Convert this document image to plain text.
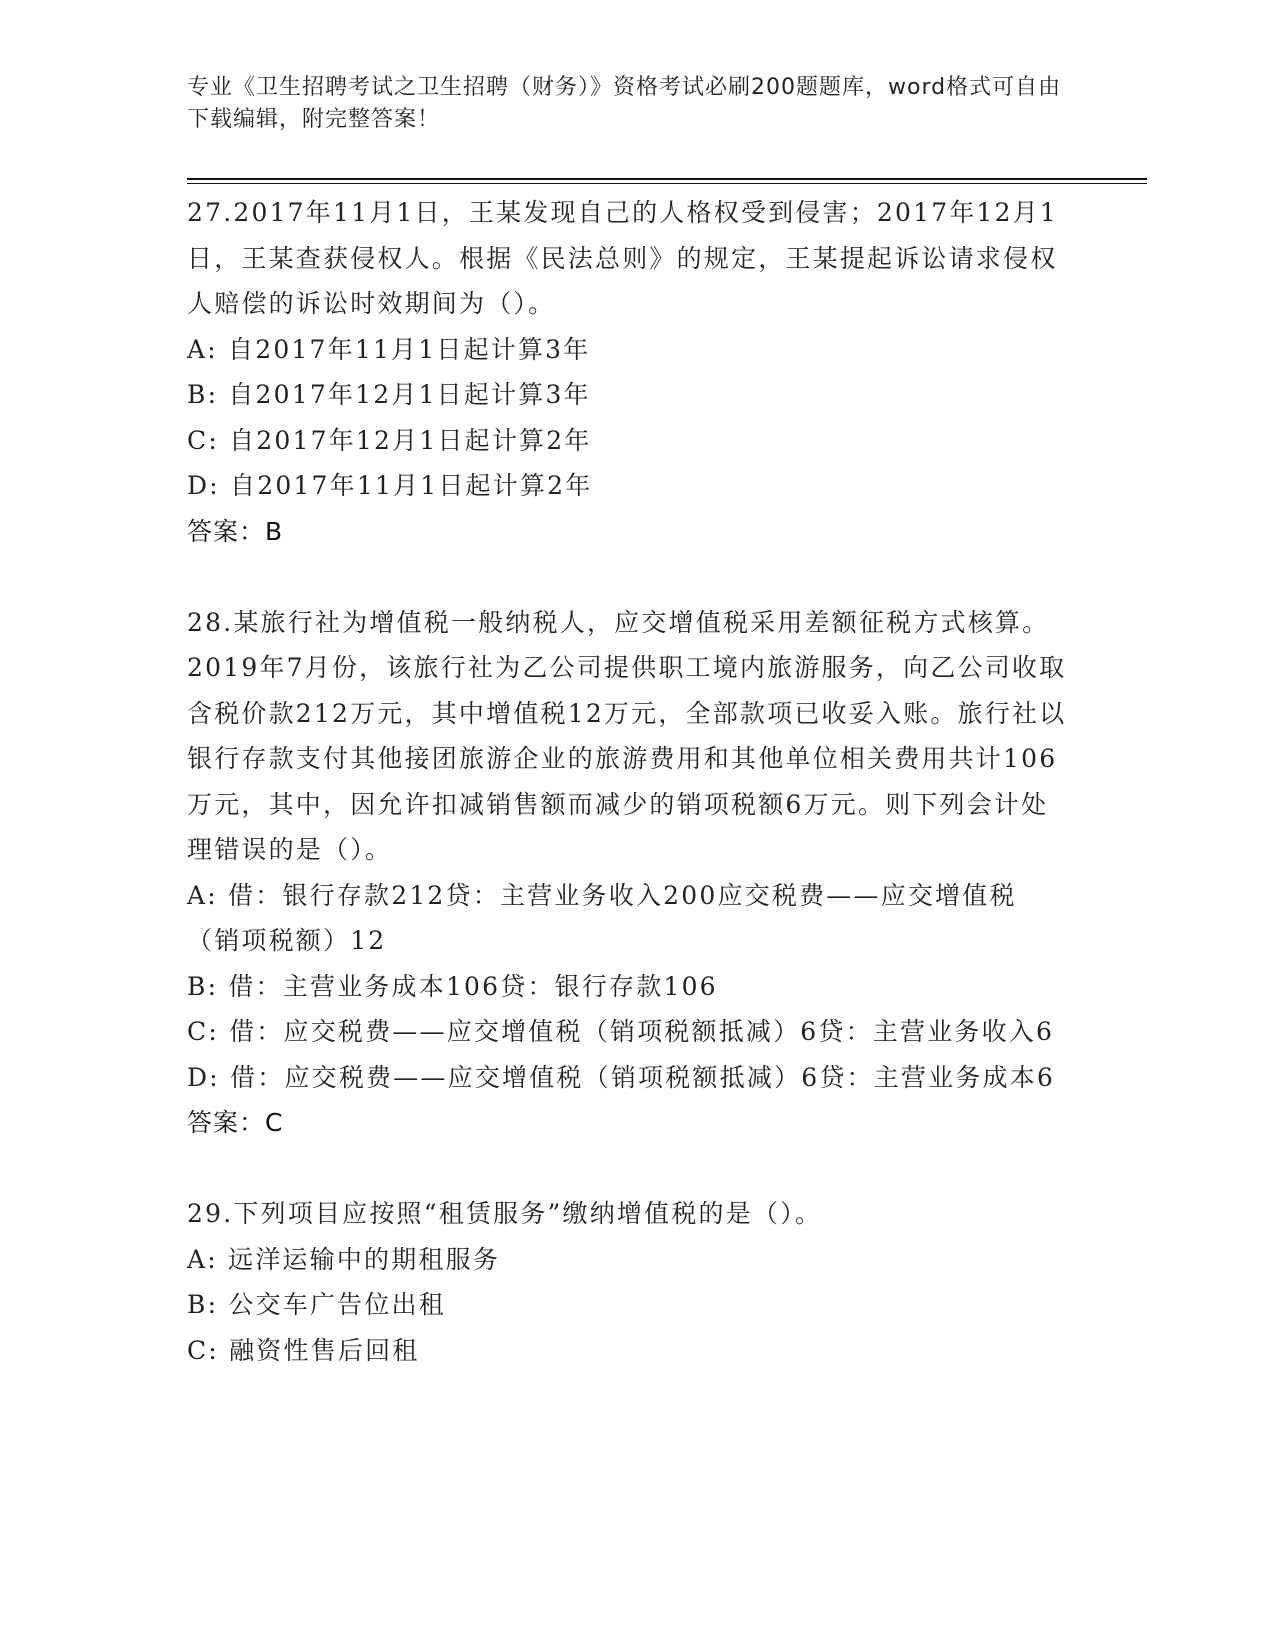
专业《卫生招聘考试之卫生招聘（财务）》资格考试必刷200题题库，word格式可自由下载编辑，附完整答案！

27.2017年11月1日，王某发现自己的人格权受到侵害；2017年12月1日，王某查获侵权人。根据《民法总则》的规定，王某提起诉讼请求侵权人赔偿的诉讼时效期间为（）。

A: 自2017年11月1日起计算3年

B: 自2017年12月1日起计算3年

C: 自2017年12月1日起计算2年

D: 自2017年11月1日起计算2年

答案：B

28.某旅行社为增值税一般纳税人，应交增值税采用差额征税方式核算。2019年7月份，该旅行社为乙公司提供职工境内旅游服务，向乙公司收取含税价款212万元，其中增值税12万元，全部款项已收妥入账。旅行社以银行存款支付其他接团旅游企业的旅游费用和其他单位相关费用共计106万元，其中，因允许扣减销售额而减少的销项税额6万元。则下列会计处理错误的是（）。

A: 借：银行存款212贷：主营业务收入200应交税费——应交增值税（销项税额）12

B: 借：主营业务成本106贷：银行存款106

C: 借：应交税费——应交增值税（销项税额抵减）6贷：主营业务收入6

D: 借：应交税费——应交增值税（销项税额抵减）6贷：主营业务成本6

答案：C

29.下列项目应按照“租赁服务”缴纳增值税的是（）。

A: 远洋运输中的期租服务

B: 公交车广告位出租

C: 融资性售后回租
